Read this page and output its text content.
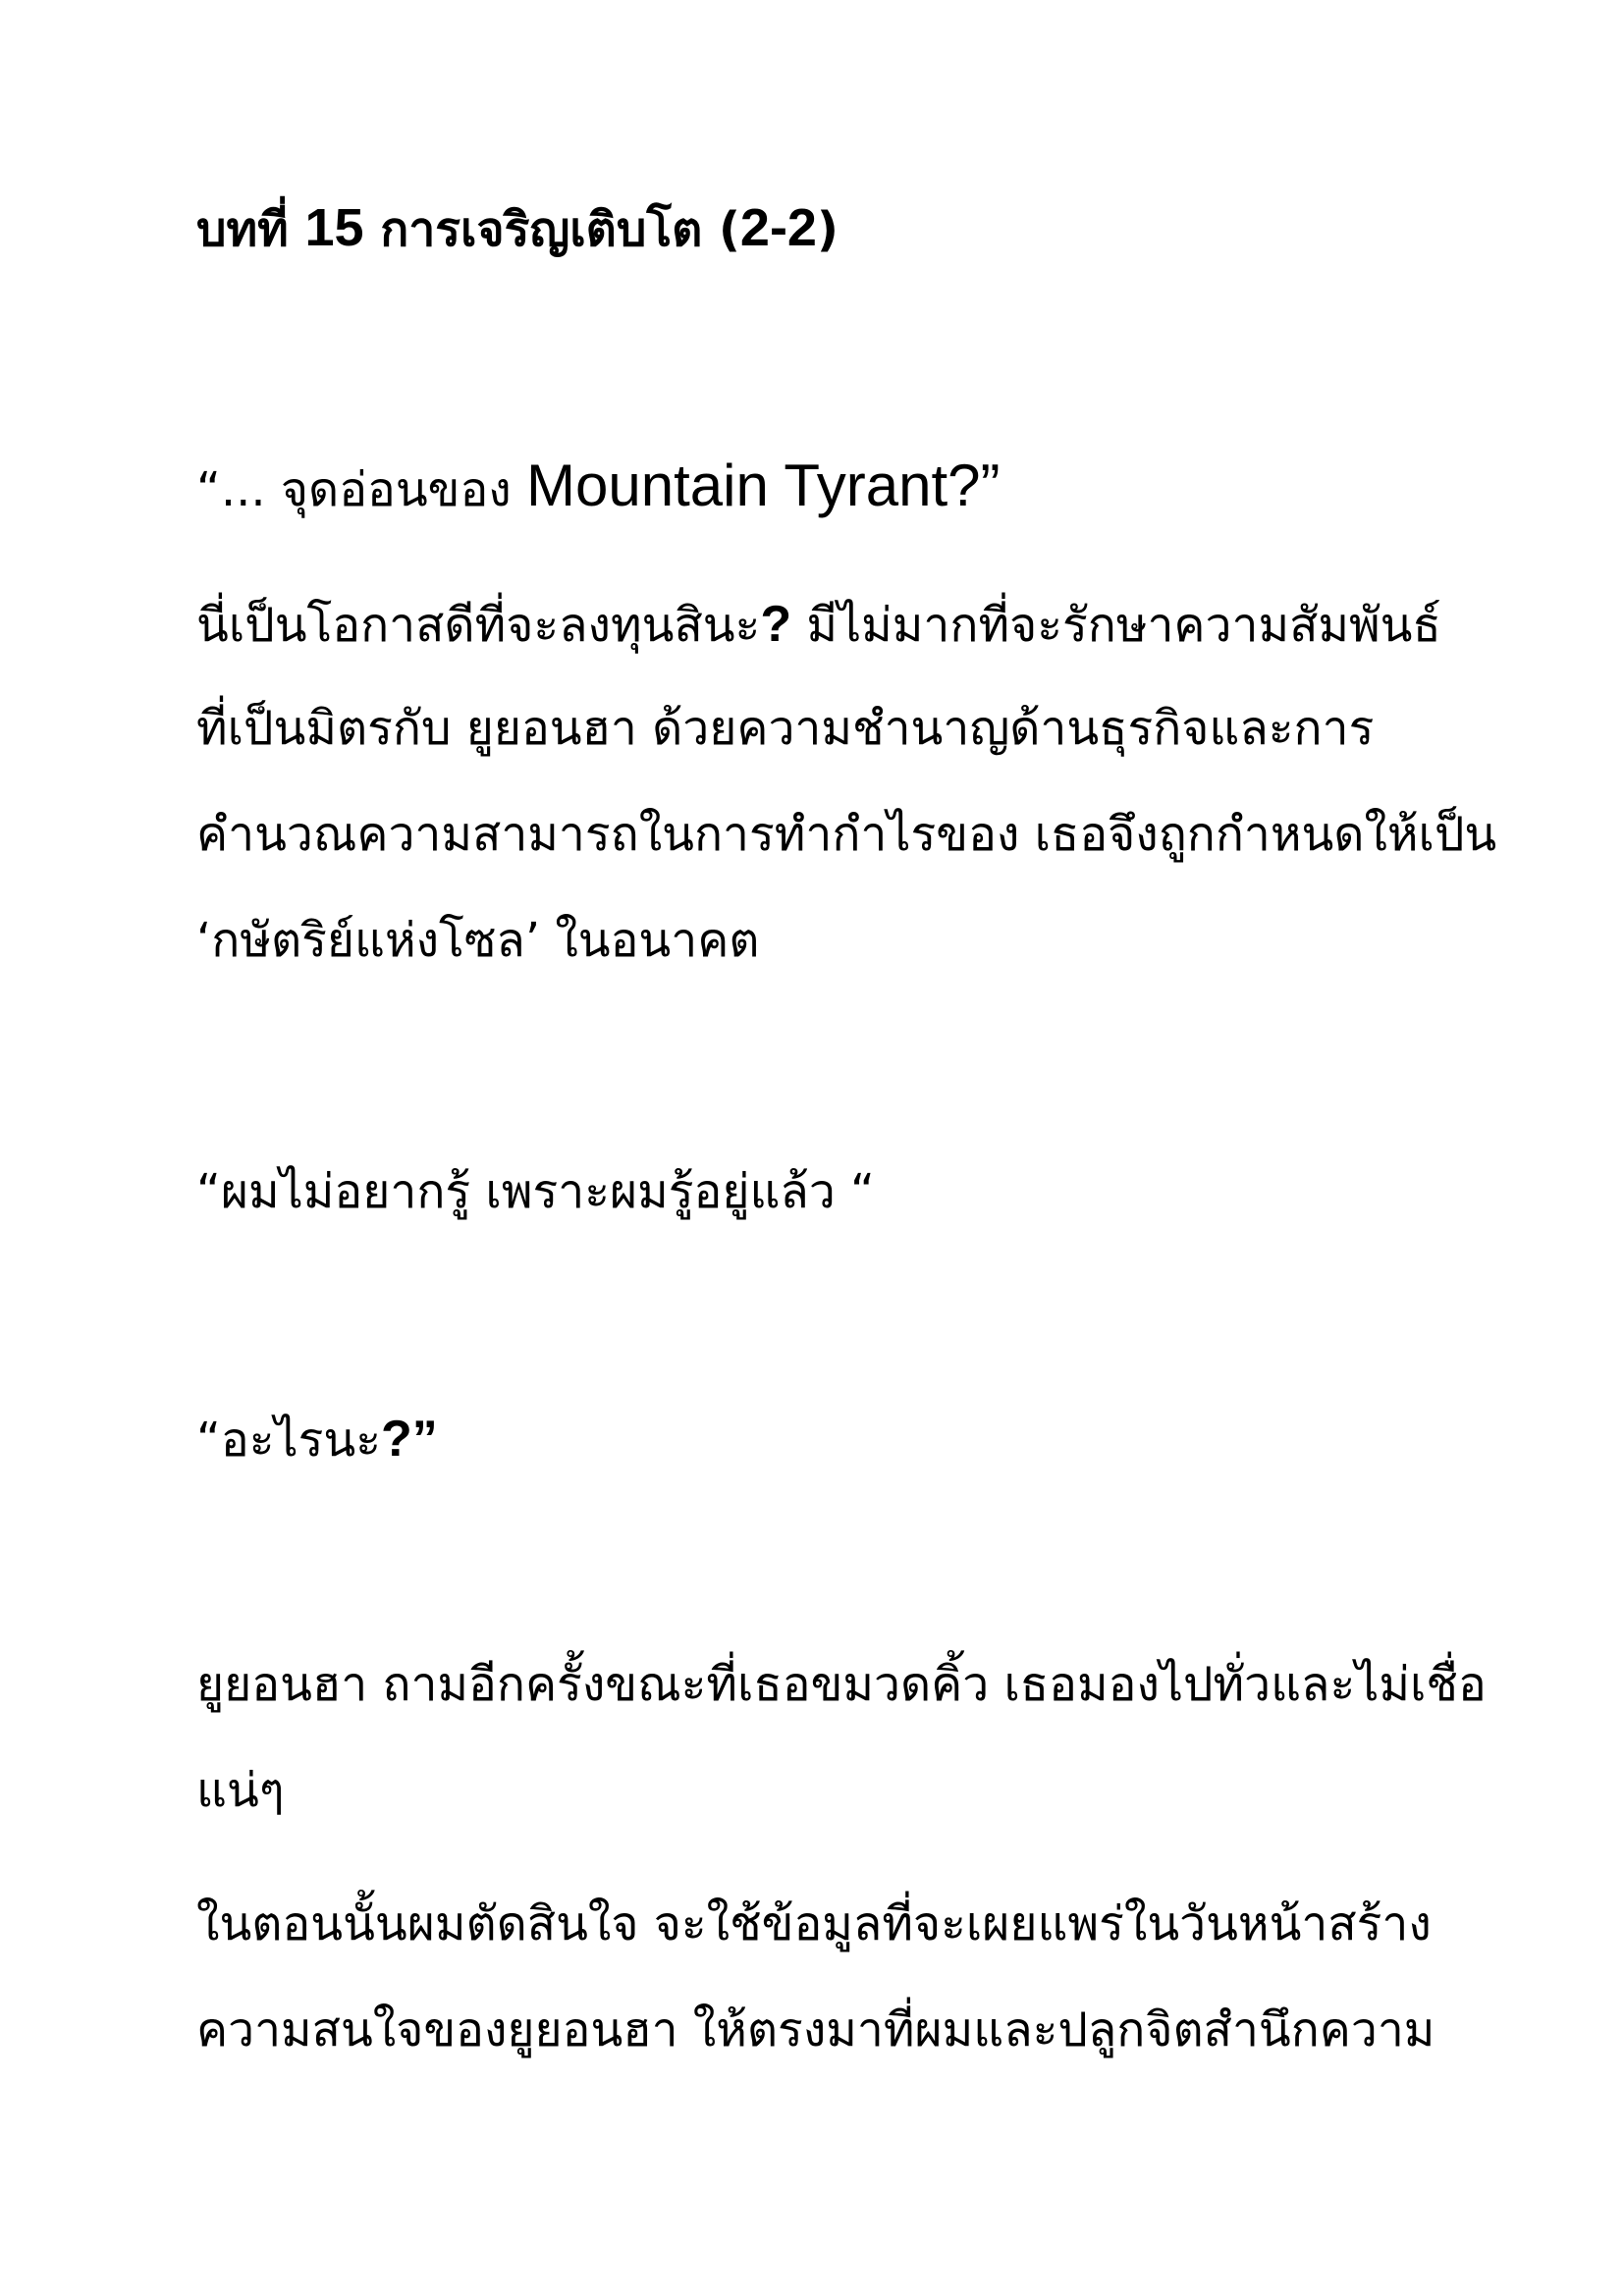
บทที่ 15 การเจริญเติบโต (2-2)
“... จุดอ่อนของ Mountain Tyrant?”
นี่เป็นโอกาสดีที่จะลงทุนสินะ? มีไม่มากที่จะรักษาความสัมพันธ์
ที่เป็นมิตรกับ ยูยอนฮา ด้วยความชำนาญด้านธุรกิจและการ
คำนวณความสามารถในการทำกำไรของ เธอจึงถูกกำหนดให้เป็น
‘กษัตริย์แห่งโซล’ ในอนาคต
“ผมไม่อยากรู้ เพราะผมรู้อยู่แล้ว “
“อะไรนะ?”
ยูยอนฮา ถามอีกครั้งขณะที่เธอขมวดคิ้ว เธอมองไปทั่วและไม่เชื่อ
แน่ๆ
ในตอนนั้นผมตัดสินใจ จะใช้ข้อมูลที่จะเผยแพร่ในวันหน้าสร้าง
ความสนใจของยูยอนฮา ให้ตรงมาที่ผมและปลูกจิตสำนึกความ
